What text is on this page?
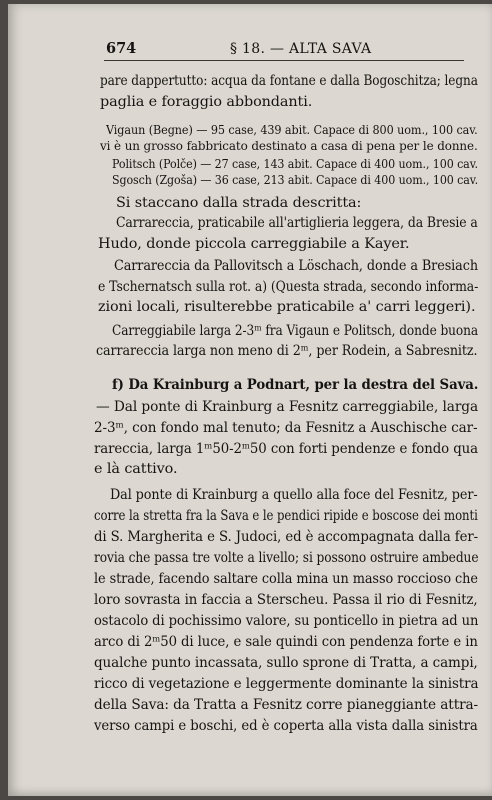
674	§ 18. — ALTA SAVA
pare dappertutto: acqua da fontane e dalla Bogoschitza; legna
paglia e foraggio abbondanti.
Vigaun (Begne) — 95 case, 439 abit. Capace di 800 uom., 100 cav.
vi è un grosso fabbricato destinato a casa di pena per le donne.
Politsch (Polče) — 27 case, 143 abit. Capace di 400 uom., 100 cav.
Sgosch (Zgoša) — 36 case, 213 abit. Capace di 400 uom., 100 cav.
Si staccano dalla strada descritta:
Carrareccia, praticabile all'artiglieria leggera, da Bresie a
Hudo, donde piccola carreggiabile a Kayer.
Carrareccia da Pallovitsch a Löschach, donde a Bresiach
e Tschernatsch sulla rot. a) (Questa strada, secondo informa-
zioni locali, risulterebbe praticabile a' carri leggeri).
Carreggiabile larga 2-3ᵐ fra Vigaun e Politsch, donde buona
carrareccia larga non meno di 2ᵐ, per Rodein, a Sabresnitz.
f) Da Krainburg a Podnart, per la destra del Sava.
— Dal ponte di Krainburg a Fesnitz carreggiabile, larga
2-3ᵐ, con fondo mal tenuto; da Fesnitz a Auschische car-
rareccia, larga 1ᵐ50-2ᵐ50 con forti pendenze e fondo qua
e là cattivo.
Dal ponte di Krainburg a quello alla foce del Fesnitz, per-
corre la stretta fra la Sava e le pendici ripide e boscose dei monti
di S. Margherita e S. Judoci, ed è accompagnata dalla fer-
rovia che passa tre volte a livello; si possono ostruire ambedue
le strade, facendo saltare colla mina un masso roccioso che
loro sovrasta in faccia a Sterscheu. Passa il rio di Fesnitz,
ostacolo di pochissimo valore, su ponticello in pietra ad un
arco di 2ᵐ50 di luce, e sale quindi con pendenza forte e in
qualche punto incassata, sullo sprone di Tratta, a campi,
ricco di vegetazione e leggermente dominante la sinistra
della Sava: da Tratta a Fesnitz corre pianeggiante attra-
verso campi e boschi, ed è coperta alla vista dalla sinistra
